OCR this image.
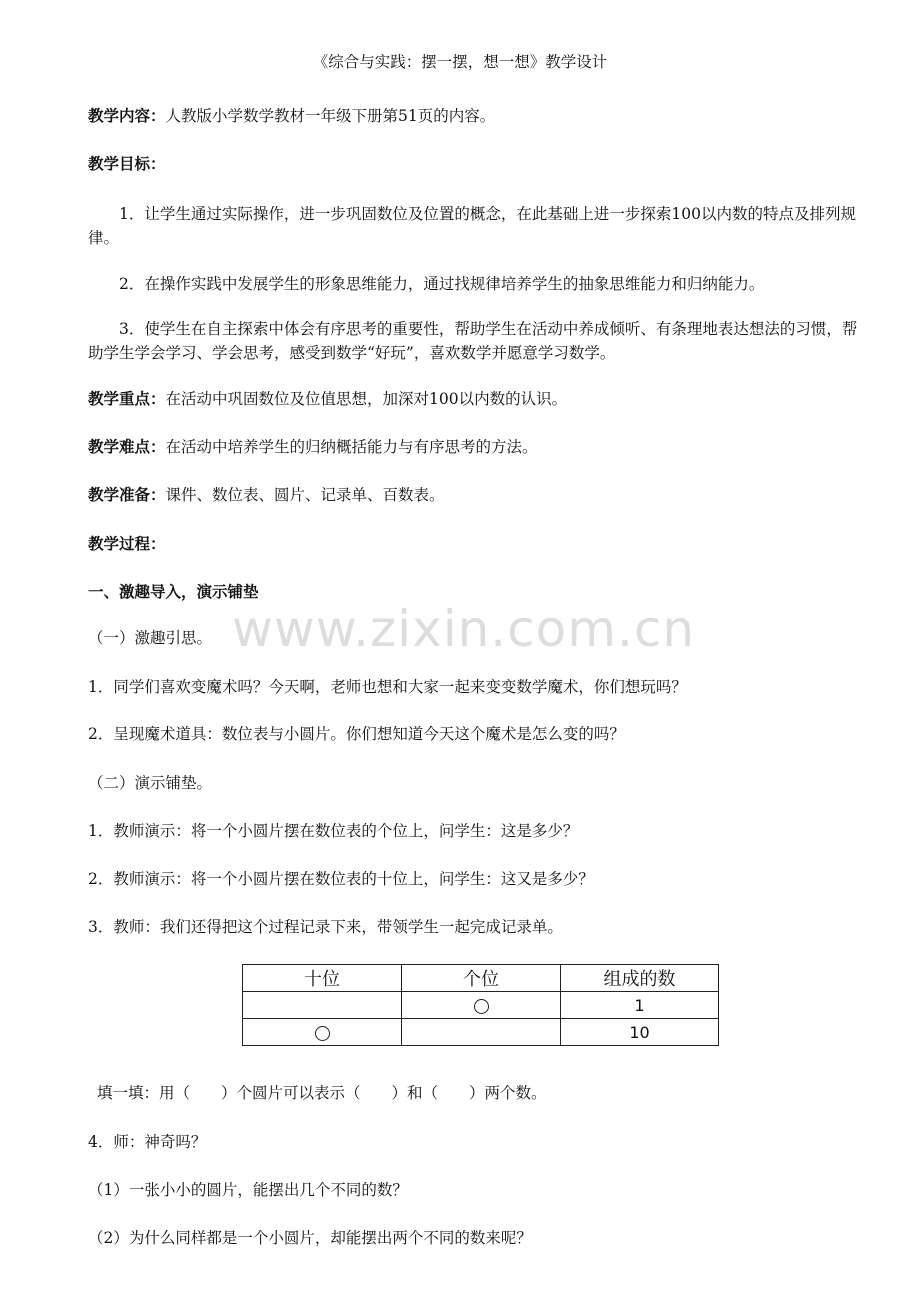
《综合与实践：摆一摆，想一想》教学设计
教学内容：人教版小学数学教材一年级下册第51页的内容。
教学目标：
1．让学生通过实际操作，进一步巩固数位及位置的概念，在此基础上进一步探索100以内数的特点及排列规律。
2．在操作实践中发展学生的形象思维能力，通过找规律培养学生的抽象思维能力和归纳能力。
3．使学生在自主探索中体会有序思考的重要性，帮助学生在活动中养成倾听、有条理地表达想法的习惯，帮助学生学会学习、学会思考，感受到数学“好玩”，喜欢数学并愿意学习数学。
教学重点：在活动中巩固数位及位值思想，加深对100以内数的认识。
教学难点：在活动中培养学生的归纳概括能力与有序思考的方法。
教学准备：课件、数位表、圆片、记录单、百数表。
教学过程：
一、激趣导入，演示铺垫
www.zixin.com.cn
（一）激趣引思。
1．同学们喜欢变魔术吗？今天啊，老师也想和大家一起来变变数学魔术，你们想玩吗？
2．呈现魔术道具：数位表与小圆片。你们想知道今天这个魔术是怎么变的吗？
（二）演示铺垫。
1．教师演示：将一个小圆片摆在数位表的个位上，问学生：这是多少？
2．教师演示：将一个小圆片摆在数位表的十位上，问学生：这又是多少？
3．教师：我们还得把这个过程记录下来，带领学生一起完成记录单。
十位	个位	组成的数
		1
		10
填一填：用（　　）个圆片可以表示（　　）和（　　）两个数。
4．师：神奇吗？
（1）一张小小的圆片，能摆出几个不同的数？
（2）为什么同样都是一个小圆片，却能摆出两个不同的数来呢？
